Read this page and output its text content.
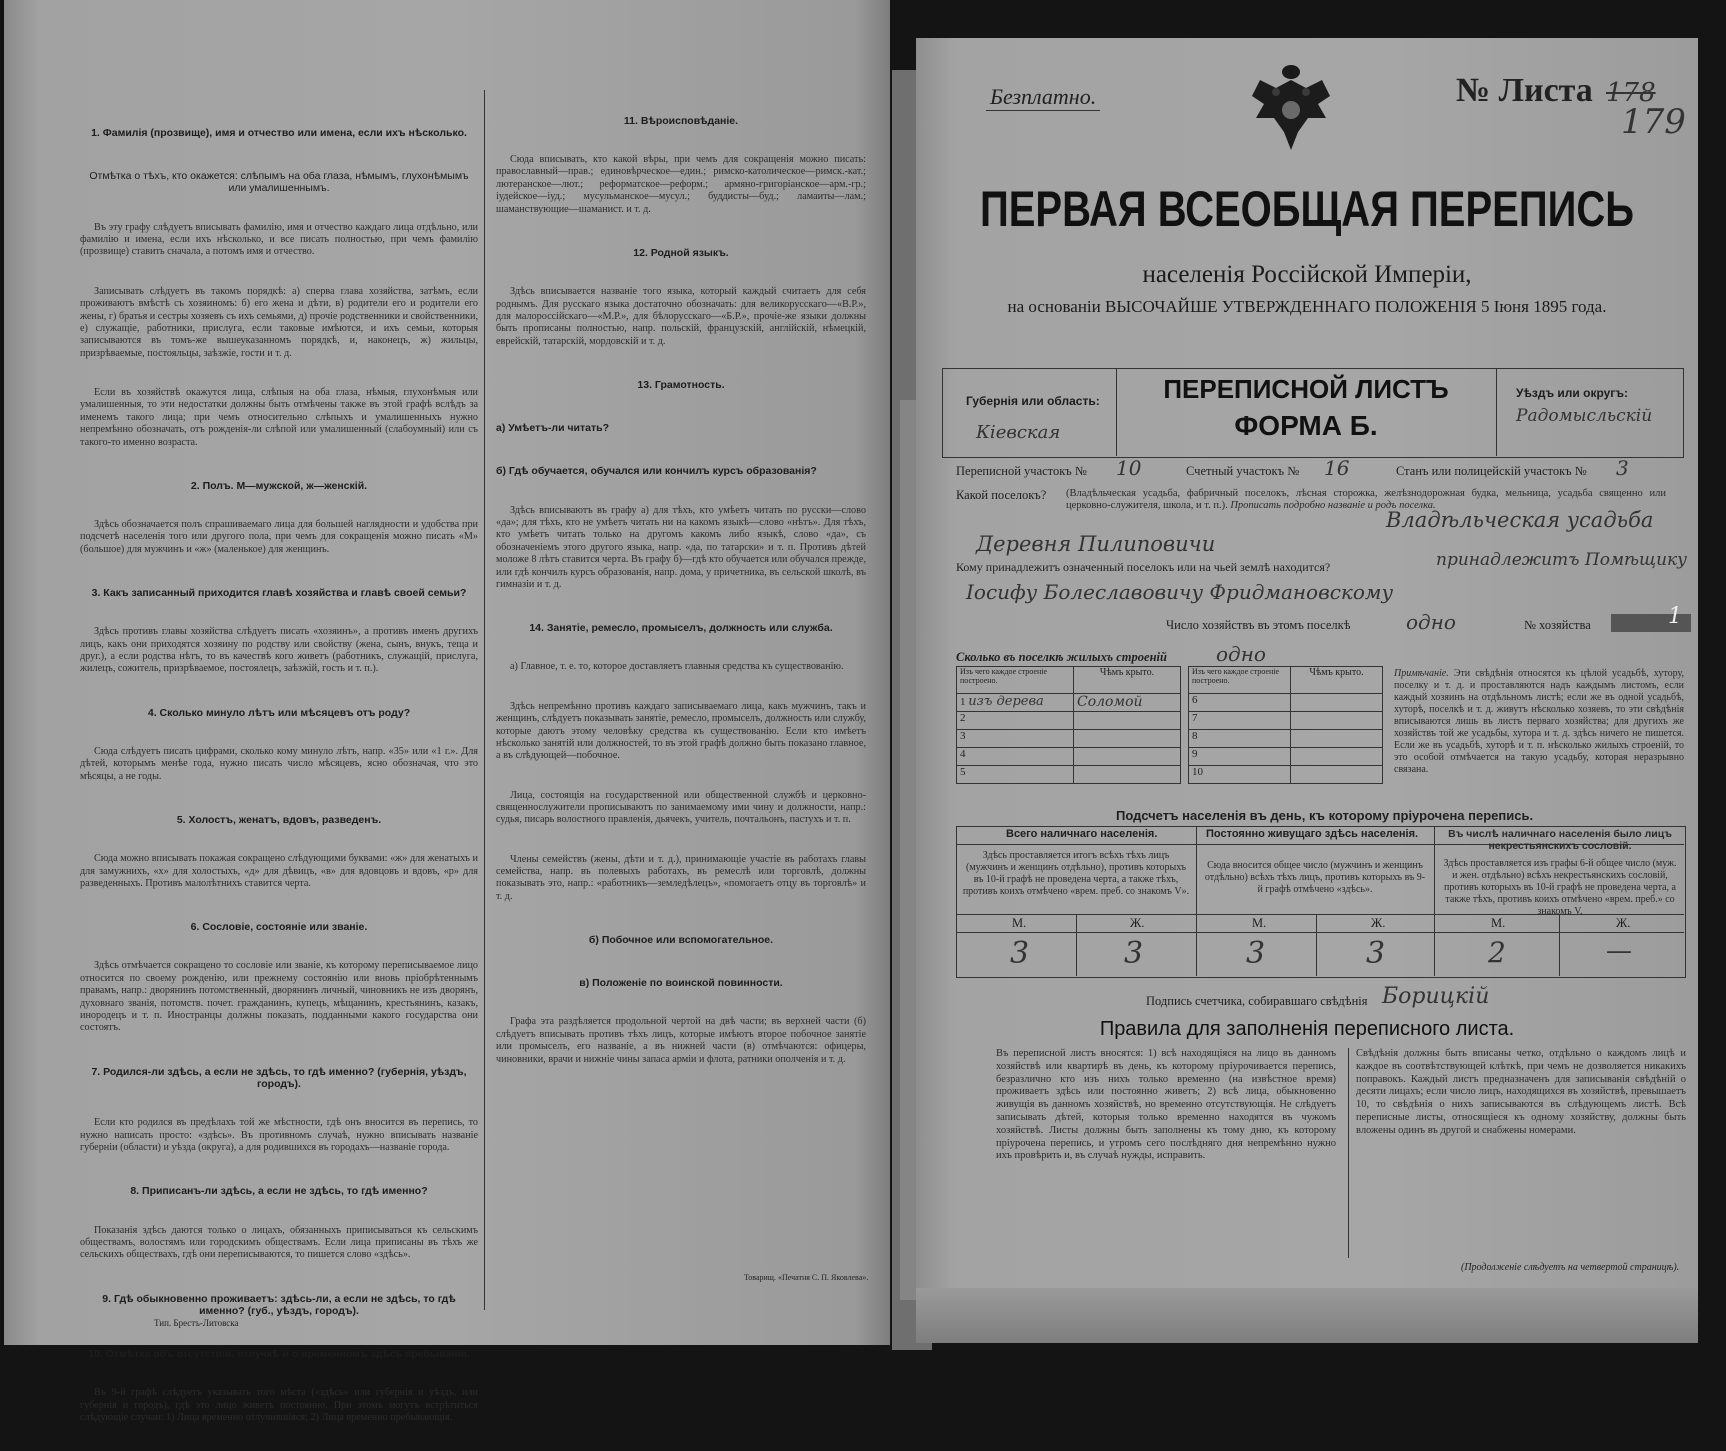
1. Фамилія (прозвище), имя и отчество или имена, если ихъ нѣсколько.

Отмѣтка о тѣхъ, кто окажется: слѣпымъ на оба глаза, нѣмымъ, глухонѣмымъ или умалишеннымъ.

Въ эту графу слѣдуетъ вписывать фамилію, имя и отчество каждаго лица отдѣльно, или фамилію и имена, если ихъ нѣсколько, и все писать полностью, при чемъ фамилію (прозвище) ставить сначала, а потомъ имя и отчество.

Записывать слѣдуетъ въ такомъ порядкѣ: а) сперва глава хозяйства, затѣмъ, если проживаютъ вмѣстѣ съ хозяиномъ: б) его жена и дѣти, в) родители его и родители его жены, г) братья и сестры хозяевъ съ ихъ семьями, д) прочіе родственники и свойственники, е) служащіе, работники, прислуга, если таковые имѣются, и ихъ семьи, которыя записываются въ томъ-же вышеуказанномъ порядкѣ, и, наконецъ, ж) жильцы, призрѣваемые, постояльцы, заѣзжіе, гости и т. д.

Если въ хозяйствѣ окажутся лица, слѣпыя на оба глаза, нѣмыя, глухонѣмыя или умалишенныя, то эти недостатки должны быть отмѣчены также въ этой графѣ вслѣдъ за именемъ такого лица; при чемъ относительно слѣпыхъ и умалишенныхъ нужно непремѣнно обозначать, отъ рожденія-ли слѣпой или умалишенный (слабоумный) или съ такого-то именно возраста.

2. Полъ. М—мужской, ж—женскій.

Здѣсь обозначается полъ спрашиваемаго лица для большей наглядности и удобства при подсчетѣ населенія того или другого пола, при чемъ для сокращенія можно писать «М» (большое) для мужчинъ и «ж» (маленькое) для женщинъ.

3. Какъ записанный приходится главѣ хозяйства и главѣ своей семьи?

Здѣсь противъ главы хозяйства слѣдуетъ писать «хозяинъ», а противъ именъ другихъ лицъ, какъ они приходятся хозяину по родству или свойству (жена, сынъ, внукъ, теща и друг.), а если родства нѣтъ, то въ качествѣ кого живетъ (работникъ, служащій, прислуга, жилецъ, сожитель, призрѣваемое, постоялецъ, заѣзжій, гость и т. п.).

4. Сколько минуло лѣтъ или мѣсяцевъ отъ роду?

Сюда слѣдуетъ писать цифрами, сколько кому минуло лѣтъ, напр. «35» или «1 г.». Для дѣтей, которымъ менѣе года, нужно писать число мѣсяцевъ, ясно обозначая, что это мѣсяцы, а не годы.

5. Холостъ, женатъ, вдовъ, разведенъ.

Сюда можно вписывать покажая сокращено слѣдующими буквами: «ж» для женатыхъ и для замужнихъ, «х» для холостыхъ, «д» для дѣвицъ, «в» для вдовцовъ и вдовъ, «р» для разведенныхъ. Противъ малолѣтнихъ ставится черта.

6. Сословіе, состояніе или званіе.

Здѣсь отмѣчается сокращено то сословіе или званіе, къ которому переписываемое лицо относится по своему рожденію, или прежнему состоянію или вновь пріобрѣтеннымъ правамъ, напр.: дворянинъ потомственный, дворянинъ личный, чиновникъ не изъ дворянъ, духовнаго званія, потомств. почет. гражданинъ, купецъ, мѣщанинъ, крестьянинъ, казакъ, инородецъ и т. п. Иностранцы должны показать, подданными какого государства они состоятъ.

7. Родился-ли здѣсь, а если не здѣсь, то гдѣ именно? (губернія, уѣздъ, городъ).

Если кто родился въ предѣлахъ той же мѣстности, гдѣ онъ вносится въ перепись, то нужно написать просто: «здѣсь». Въ противномъ случаѣ, нужно вписывать названіе губерніи (области) и уѣзда (округа), а для родившихся въ городахъ—названіе города.

8. Приписанъ-ли здѣсь, а если не здѣсь, то гдѣ именно?

Показанія здѣсь даются только о лицахъ, обязанныхъ приписываться къ сельскимъ обществамъ, волостямъ или городскимъ обществамъ. Если лица приписаны въ тѣхъ же сельскихъ обществахъ, гдѣ они переписываются, то пишется слово «здѣсь».

9. Гдѣ обыкновенно проживаетъ: здѣсь-ли, а если не здѣсь, то гдѣ именно? (губ., уѣздъ, городъ).

10. Отмѣтка объ отсутствіи, отлучкѣ и о временномъ здѣсь пребываніи.

Въ 9-й графѣ слѣдуетъ указывать того мѣста («здѣсь» или губернія и уѣздъ, или губернія и городъ), гдѣ это лицо живетъ постоянно. При этомъ могутъ встрѣтиться слѣдующіе случаи: 1) Лица временно отлучившіяся; 2) Лица временно пребывающія.

11. Вѣроисповѣданіе.

Сюда вписывать, кто какой вѣры, при чемъ для сокращенія можно писать: православный—прав.; единовѣрческое—един.; римско-католическое—римск.-кат.; лютеранское—лют.; реформатское—реформ.; армяно-григоріанское—арм.-гр.; іудейское—іуд.; мусульманское—мусул.; буддисты—буд.; ламаиты—лам.; шаманствующие—шаманист. и т. д.

12. Родной языкъ.

Здѣсь вписывается названіе того языка, который каждый считаетъ для себя роднымъ. Для русскаго языка достаточно обозначать: для великорусскаго—«В.Р.», для малороссійскаго—«М.Р.», для бѣлорусскаго—«Б.Р.», прочіе-же языки должны быть прописаны полностью, напр. польскій, французскій, англійскій, нѣмецкій, еврейскій, татарскій, мордовскій и т. д.

13. Грамотность.

а) Умѣетъ-ли читать?

б) Гдѣ обучается, обучался или кончилъ курсъ образованія?

Здѣсь вписываютъ въ графу а) для тѣхъ, кто умѣетъ читать по русски—слово «да»; для тѣхъ, кто не умѣетъ читать ни на какомъ языкѣ—слово «нѣтъ». Для тѣхъ, кто умѣетъ читать только на другомъ какомъ либо языкѣ, слово «да», съ обозначеніемъ этого другого языка, напр. «да, по татарски» и т. п. Противъ дѣтей моложе 8 лѣтъ ставится черта. Въ графу б)—гдѣ кто обучается или обучался прежде, или гдѣ кончилъ курсъ образованія, напр. дома, у причетника, въ сельской школѣ, въ гимназіи и т. д.

14. Занятіе, ремесло, промыселъ, должность или служба.

а) Главное, т. е. то, которое доставляетъ главныя средства къ существованію.

Здѣсь непремѣнно противъ каждаго записываемаго лица, какъ мужчинъ, такъ и женщинъ, слѣдуетъ показывать занятіе, ремесло, промыселъ, должность или службу, которые даютъ этому человѣку средства къ существованію. Если кто имѣетъ нѣсколько занятій или должностей, то въ этой графѣ должно быть показано главное, а въ слѣдующей—побочное.

Лица, состоящія на государственной или общественной службѣ и церковно-священнослужители прописываютъ по занимаемому ими чину и должности, напр.: судья, писарь волостного правленія, дьячекъ, учитель, почтальонъ, пастухъ и т. п.

Члены семействъ (жены, дѣти и т. д.), принимающіе участіе въ работахъ главы семейства, напр. въ полевыхъ работахъ, въ ремеслѣ или торговлѣ, должны показывать это, напр.: «работникъ—земледѣлецъ», «помогаетъ отцу въ торговлѣ» и т. д.

б) Побочное или вспомогательное.

в) Положеніе по воинской повинности.

Графа эта раздѣляется продольной чертой на двѣ части; въ верхней части (б) слѣдуетъ вписывать противъ тѣхъ лицъ, которые имѣютъ второе побочное занятіе или промыселъ, его названіе, а въ нижней части (в) отмѣчаются: офицеры, чиновники, врачи и нижніе чины запаса арміи и флота, ратники ополченія и т. д.

Тип. Брестъ-Литовска
Товарищ. «Печатня С. П. Яковлева».
Безплатно.	№ Листа 178
179
ПЕРВАЯ ВСЕОБЩАЯ ПЕРЕПИСЬ
населенія Россійской Имперіи,
на основаніи ВЫСОЧАЙШЕ УТВЕРЖДЕННАГО ПОЛОЖЕНІЯ 5 Іюня 1895 года.
ПЕРЕПИСНОЙ ЛИСТЪ
ФОРМА Б.
Губернія или область:
Кіевская
Уѣздъ или округъ:
Радомысльскій
Переписной участокъ № 10	Счетный участокъ № 16	Станъ или полицейскій участокъ № 3
Какой поселокъ? (Владѣльческая усадьба, фабричный поселокъ, лѣсная сторожка, желѣзнодорожная будка, мельница, усадьба священно или церковно-служителя, школа, и т. п.). Прописать подробно названіе и родъ поселка.
Владѣльческая усадьба
Деревня Пилиповичи
Кому принадлежитъ означенный поселокъ или на чьей землѣ находится?	принадлежитъ Помѣщику
Іосифу Болеславовичу Фридмановскому
Число хозяйствъ въ этомъ поселкѣ	одно	№ хозяйства	1
Сколько въ поселкѣ жилыхъ строеній одно
Изъ чего каждое строеніе построено.	Чѣмъ крыто.
1 изъ дерева	Соломой
2	
3	
4	
5	
Изъ чего каждое строеніе построено.	Чѣмъ крыто.
6	
7	
8	
9	
10	
Примѣчаніе. Эти свѣдѣнія относятся къ цѣлой усадьбѣ, хутору, поселку и т. д. и проставляются надъ каждымъ листомъ, если каждый хозяинъ на отдѣльномъ листѣ; если же въ одной усадьбѣ, хуторѣ, поселкѣ и т. д. живутъ нѣсколько хозяевъ, то эти свѣдѣнія вписываются лишь въ листъ перваго хозяйства; для другихъ же хозяйствъ той же усадьбы, хутора и т. д. здѣсь ничего не пишется. Если же въ усадьбѣ, хуторѣ и т. п. нѣсколько жилыхъ строеній, то это особой отмѣчается на такую усадьбу, которая неразрывно связана.
Подсчетъ населенія въ день, къ которому пріурочена перепись.
Всего наличнаго населенія.	Постоянно живущаго здѣсь населенія.	Въ числѣ наличнаго населенія было лицъ некрестьянскихъ сословій.
Здѣсь проставляется итогъ всѣхъ тѣхъ лицъ (мужчинъ и женщинъ отдѣльно), противъ которыхъ въ 10-й графѣ не проведена черта, а также тѣхъ, противъ коихъ отмѣчено «врем. преб. со знакомъ V».
Сюда вносится общее число (мужчинъ и женщинъ отдѣльно) всѣхъ тѣхъ лицъ, противъ которыхъ въ 9-й графѣ отмѣчено «здѣсь».
Здѣсь проставляется изъ графы 6-й общее число (муж. и жен. отдѣльно) всѣхъ некрестьянскихъ сословій, противъ которыхъ въ 10-й графѣ не проведена черта, а также тѣхъ, противъ коихъ отмѣчено «врем. преб.» со знакомъ V.
М.	Ж.	М.	Ж.	М.	Ж.
3	3	3	3	2	—
Подпись счетчика, собиравшаго свѣдѣнія Борицкій
Правила для заполненія переписного листа.
Въ переписной листъ вносятся: 1) всѣ находящіяся на лицо въ данномъ хозяйствѣ или квартирѣ въ день, къ которому пріурочивается перепись, безразлично кто изъ нихъ только временно (на извѣстное время) проживаетъ здѣсь или постоянно живетъ; 2) всѣ лица, обыкновенно живущія въ данномъ хозяйствѣ, но временно отсутствующія. Не слѣдуетъ записывать дѣтей, которыя только временно находятся въ чужомъ хозяйствѣ. Листы должны быть заполнены къ тому дню, къ которому пріурочена перепись, и утромъ сего послѣдняго дня непремѣнно нужно ихъ провѣрить и, въ случаѣ нужды, исправить.
Свѣдѣнія должны быть вписаны четко, отдѣльно о каждомъ лицѣ и каждое въ соотвѣтствующей клѣткѣ, при чемъ не дозволяется никакихъ поправокъ. Каждый листъ предназначенъ для записыванія свѣдѣній о десяти лицахъ; если число лицъ, находящихся въ хозяйствѣ, превышаетъ 10, то свѣдѣнія о нихъ записываются въ слѣдующемъ листѣ. Всѣ переписные листы, относящіеся къ одному хозяйству, должны быть вложены одинъ въ другой и снабжены номерами.
(Продолженіе слѣдуетъ на четвертой страницѣ).
